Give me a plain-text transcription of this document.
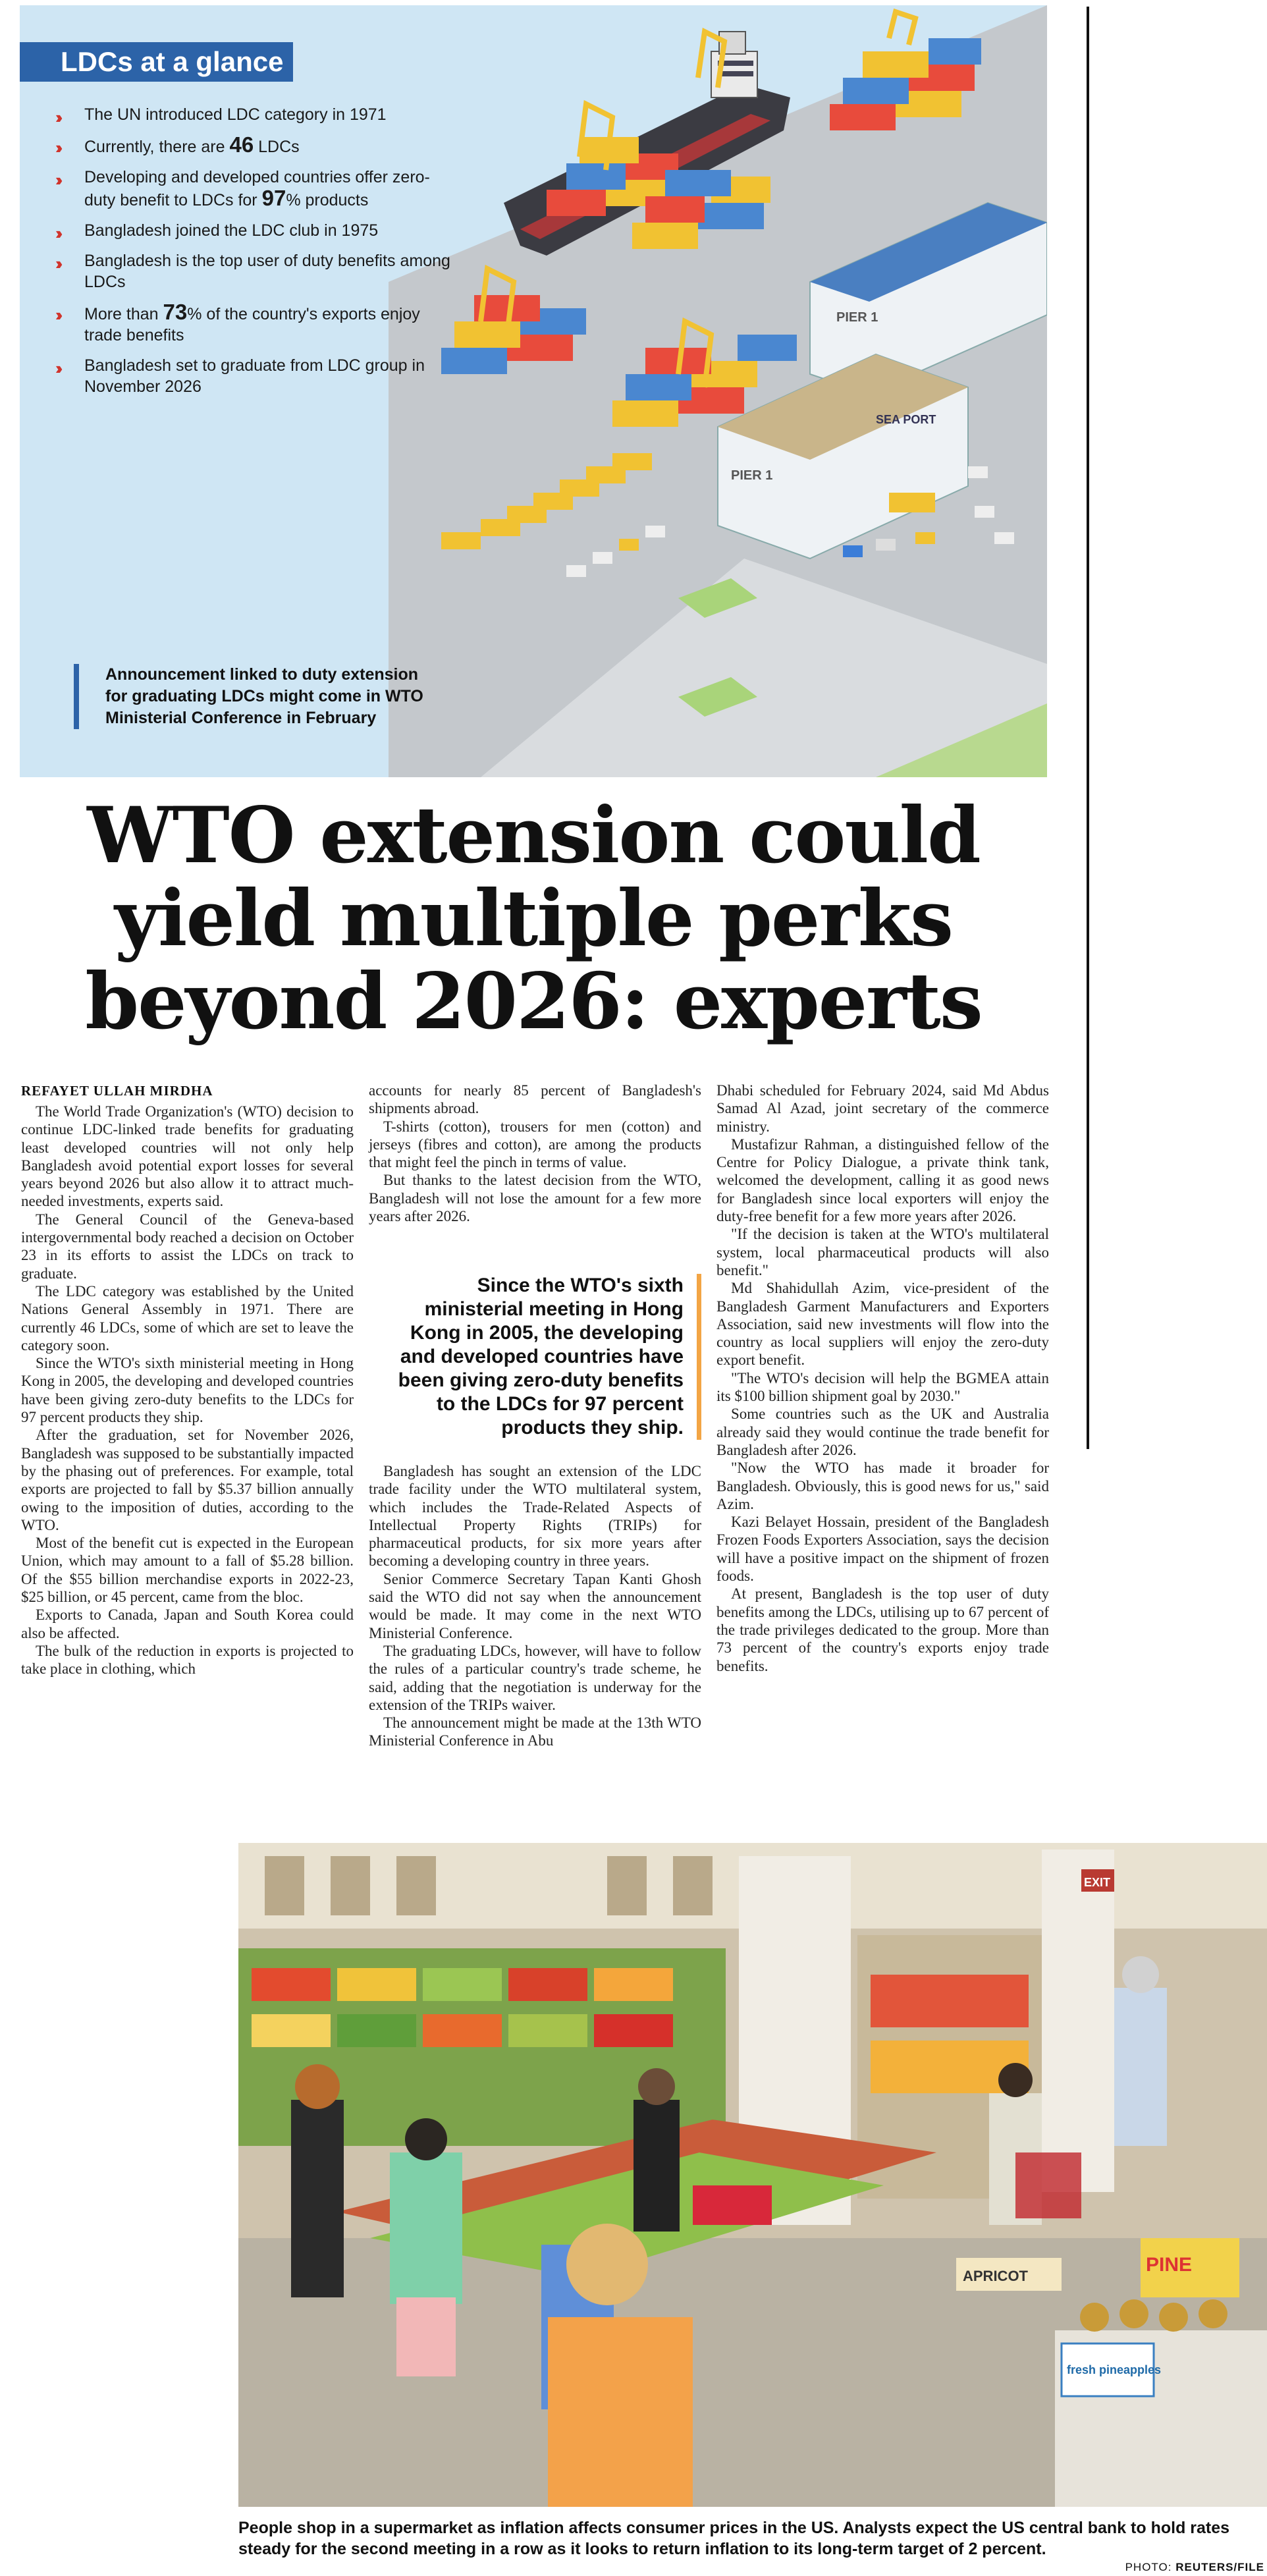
PIER 1
SEA PORT
PIER 1
LDCs at a glance
›› The UN introduced LDC category in 1971
›› Currently, there are 46 LDCs
›› Developing and developed countries offer zero-duty benefit to LDCs for 97% products
›› Bangladesh joined the LDC club in 1975
›› Bangladesh is the top user of duty benefits among LDCs
›› More than 73% of the country's exports enjoy trade benefits
›› Bangladesh set to graduate from LDC group in November 2026
Announcement linked to duty extension for graduating LDCs might come in WTO Ministerial Conference in February
WTO extension could yield multiple perks beyond 2026: experts
REFAYET ULLAH MIRDHA

The World Trade Organization's (WTO) decision to continue LDC-linked trade benefits for graduating least developed countries will not only help Bangladesh avoid potential export losses for several years beyond 2026 but also allow it to attract much-needed investments, experts said.

The General Council of the Geneva-based intergovernmental body reached a decision on October 23 in its efforts to assist the LDCs on track to graduate.

The LDC category was established by the United Nations General Assembly in 1971. There are currently 46 LDCs, some of which are set to leave the category soon.

Since the WTO's sixth ministerial meeting in Hong Kong in 2005, the developing and developed countries have been giving zero-duty benefits to the LDCs for 97 percent products they ship.

After the graduation, set for November 2026, Bangladesh was supposed to be substantially impacted by the phasing out of preferences. For example, total exports are projected to fall by $5.37 billion annually owing to the imposition of duties, according to the WTO.

Most of the benefit cut is expected in the European Union, which may amount to a fall of $5.28 billion. Of the $55 billion merchandise exports in 2022-23, $25 billion, or 45 percent, came from the bloc.

Exports to Canada, Japan and South Korea could also be affected.

The bulk of the reduction in exports is projected to take place in clothing, which

accounts for nearly 85 percent of Bangladesh's shipments abroad.

T-shirts (cotton), trousers for men (cotton) and jerseys (fibres and cotton), are among the products that might feel the pinch in terms of value.

But thanks to the latest decision from the WTO, Bangladesh will not lose the amount for a few more years after 2026.

Since the WTO's sixth ministerial meeting in Hong Kong in 2005, the developing and developed countries have been giving zero-duty benefits to the LDCs for 97 percent products they ship.

Bangladesh has sought an extension of the LDC trade facility under the WTO multilateral system, which includes the Trade-Related Aspects of Intellectual Property Rights (TRIPs) for pharmaceutical products, for six more years after becoming a developing country in three years.

Senior Commerce Secretary Tapan Kanti Ghosh said the WTO did not say when the announcement would be made. It may come in the next WTO Ministerial Conference.

The graduating LDCs, however, will have to follow the rules of a particular country's trade scheme, he said, adding that the negotiation is underway for the extension of the TRIPs waiver.

The announcement might be made at the 13th WTO Ministerial Conference in Abu

Dhabi scheduled for February 2024, said Md Abdus Samad Al Azad, joint secretary of the commerce ministry.

Mustafizur Rahman, a distinguished fellow of the Centre for Policy Dialogue, a private think tank, welcomed the development, calling it as good news for Bangladesh since local exporters will enjoy the duty-free benefit for a few more years after 2026.

"If the decision is taken at the WTO's multilateral system, local pharmaceutical products will also benefit."

Md Shahidullah Azim, vice-president of the Bangladesh Garment Manufacturers and Exporters Association, said new investments will flow into the country as local suppliers will enjoy the zero-duty export benefit.

"The WTO's decision will help the BGMEA attain its $100 billion shipment goal by 2030."

Some countries such as the UK and Australia already said they would continue the trade benefit for Bangladesh after 2026.

"Now the WTO has made it broader for Bangladesh. Obviously, this is good news for us," said Azim.

Kazi Belayet Hossain, president of the Bangladesh Frozen Foods Exporters Association, says the decision will have a positive impact on the shipment of frozen foods.

At present, Bangladesh is the top user of duty benefits among the LDCs, utilising up to 67 percent of the trade privileges dedicated to the group. More than 73 percent of the country's exports enjoy trade benefits.

EXIT
PINE
APRICOT
fresh pineapples
People shop in a supermarket as inflation affects consumer prices in the US. Analysts expect the US central bank to hold rates steady for the second meeting in a row as it looks to return inflation to its long-term target of 2 percent.
PHOTO: REUTERS/FILE
